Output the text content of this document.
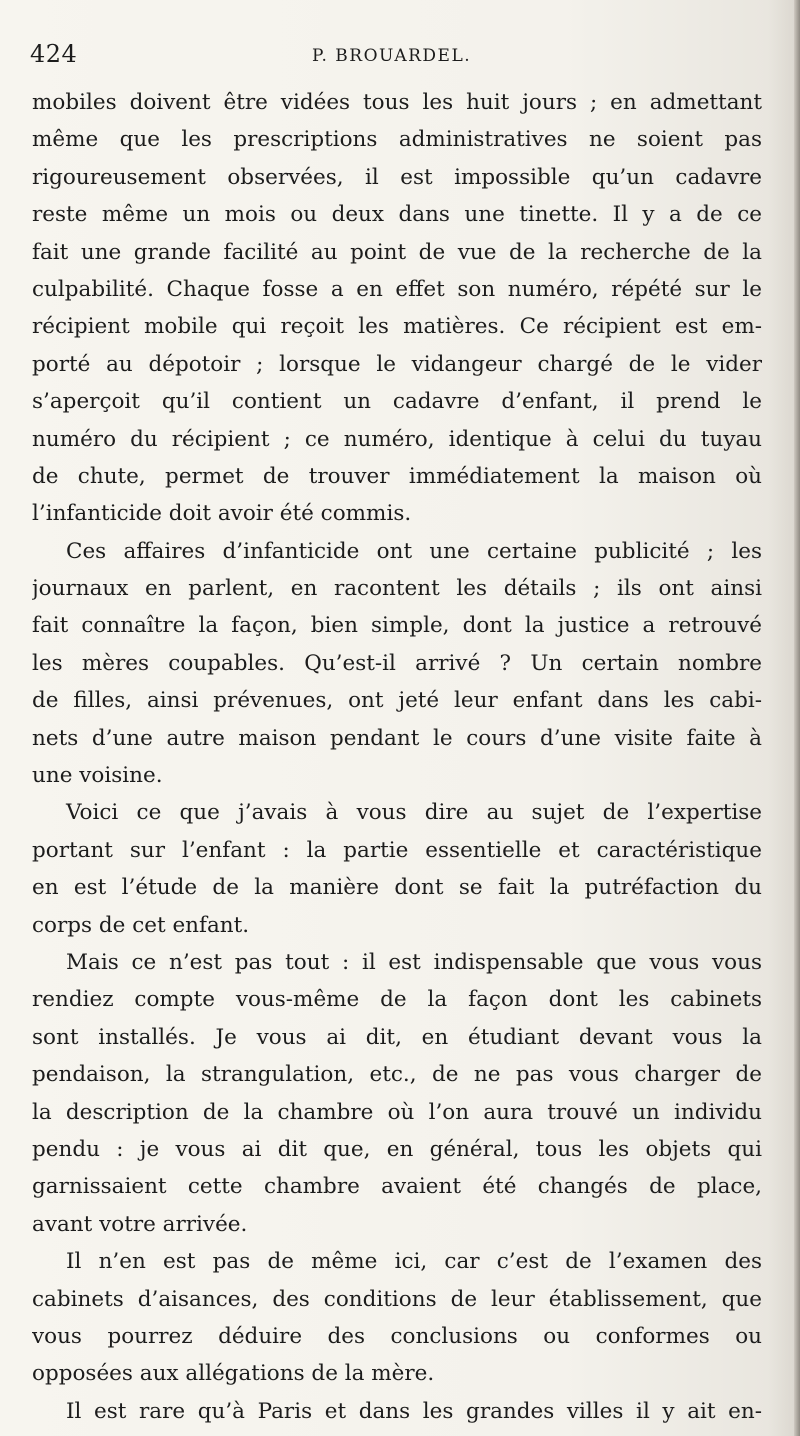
424	P. BROUARDEL.
mobiles doivent être vidées tous les huit jours ; en admettant
même que les prescriptions administratives ne soient pas
rigoureusement observées, il est impossible qu’un cadavre
reste même un mois ou deux dans une tinette. Il y a de ce
fait une grande facilité au point de vue de la recherche de la
culpabilité. Chaque fosse a en effet son numéro, répété sur le
récipient mobile qui reçoit les matières. Ce récipient est em-
porté au dépotoir ; lorsque le vidangeur chargé de le vider
s’aperçoit qu’il contient un cadavre d’enfant, il prend le
numéro du récipient ; ce numéro, identique à celui du tuyau
de chute, permet de trouver immédiatement la maison où
l’infanticide doit avoir été commis.
Ces affaires d’infanticide ont une certaine publicité ; les
journaux en parlent, en racontent les détails ; ils ont ainsi
fait connaître la façon, bien simple, dont la justice a retrouvé
les mères coupables. Qu’est-il arrivé ? Un certain nombre
de filles, ainsi prévenues, ont jeté leur enfant dans les cabi-
nets d’une autre maison pendant le cours d’une visite faite à
une voisine.
Voici ce que j’avais à vous dire au sujet de l’expertise
portant sur l’enfant : la partie essentielle et caractéristique
en est l’étude de la manière dont se fait la putréfaction du
corps de cet enfant.
Mais ce n’est pas tout : il est indispensable que vous vous
rendiez compte vous-même de la façon dont les cabinets
sont installés. Je vous ai dit, en étudiant devant vous la
pendaison, la strangulation, etc., de ne pas vous charger de
la description de la chambre où l’on aura trouvé un individu
pendu : je vous ai dit que, en général, tous les objets qui
garnissaient cette chambre avaient été changés de place,
avant votre arrivée.
Il n’en est pas de même ici, car c’est de l’examen des
cabinets d’aisances, des conditions de leur établissement, que
vous pourrez déduire des conclusions ou conformes ou
opposées aux allégations de la mère.
Il est rare qu’à Paris et dans les grandes villes il y ait en-
